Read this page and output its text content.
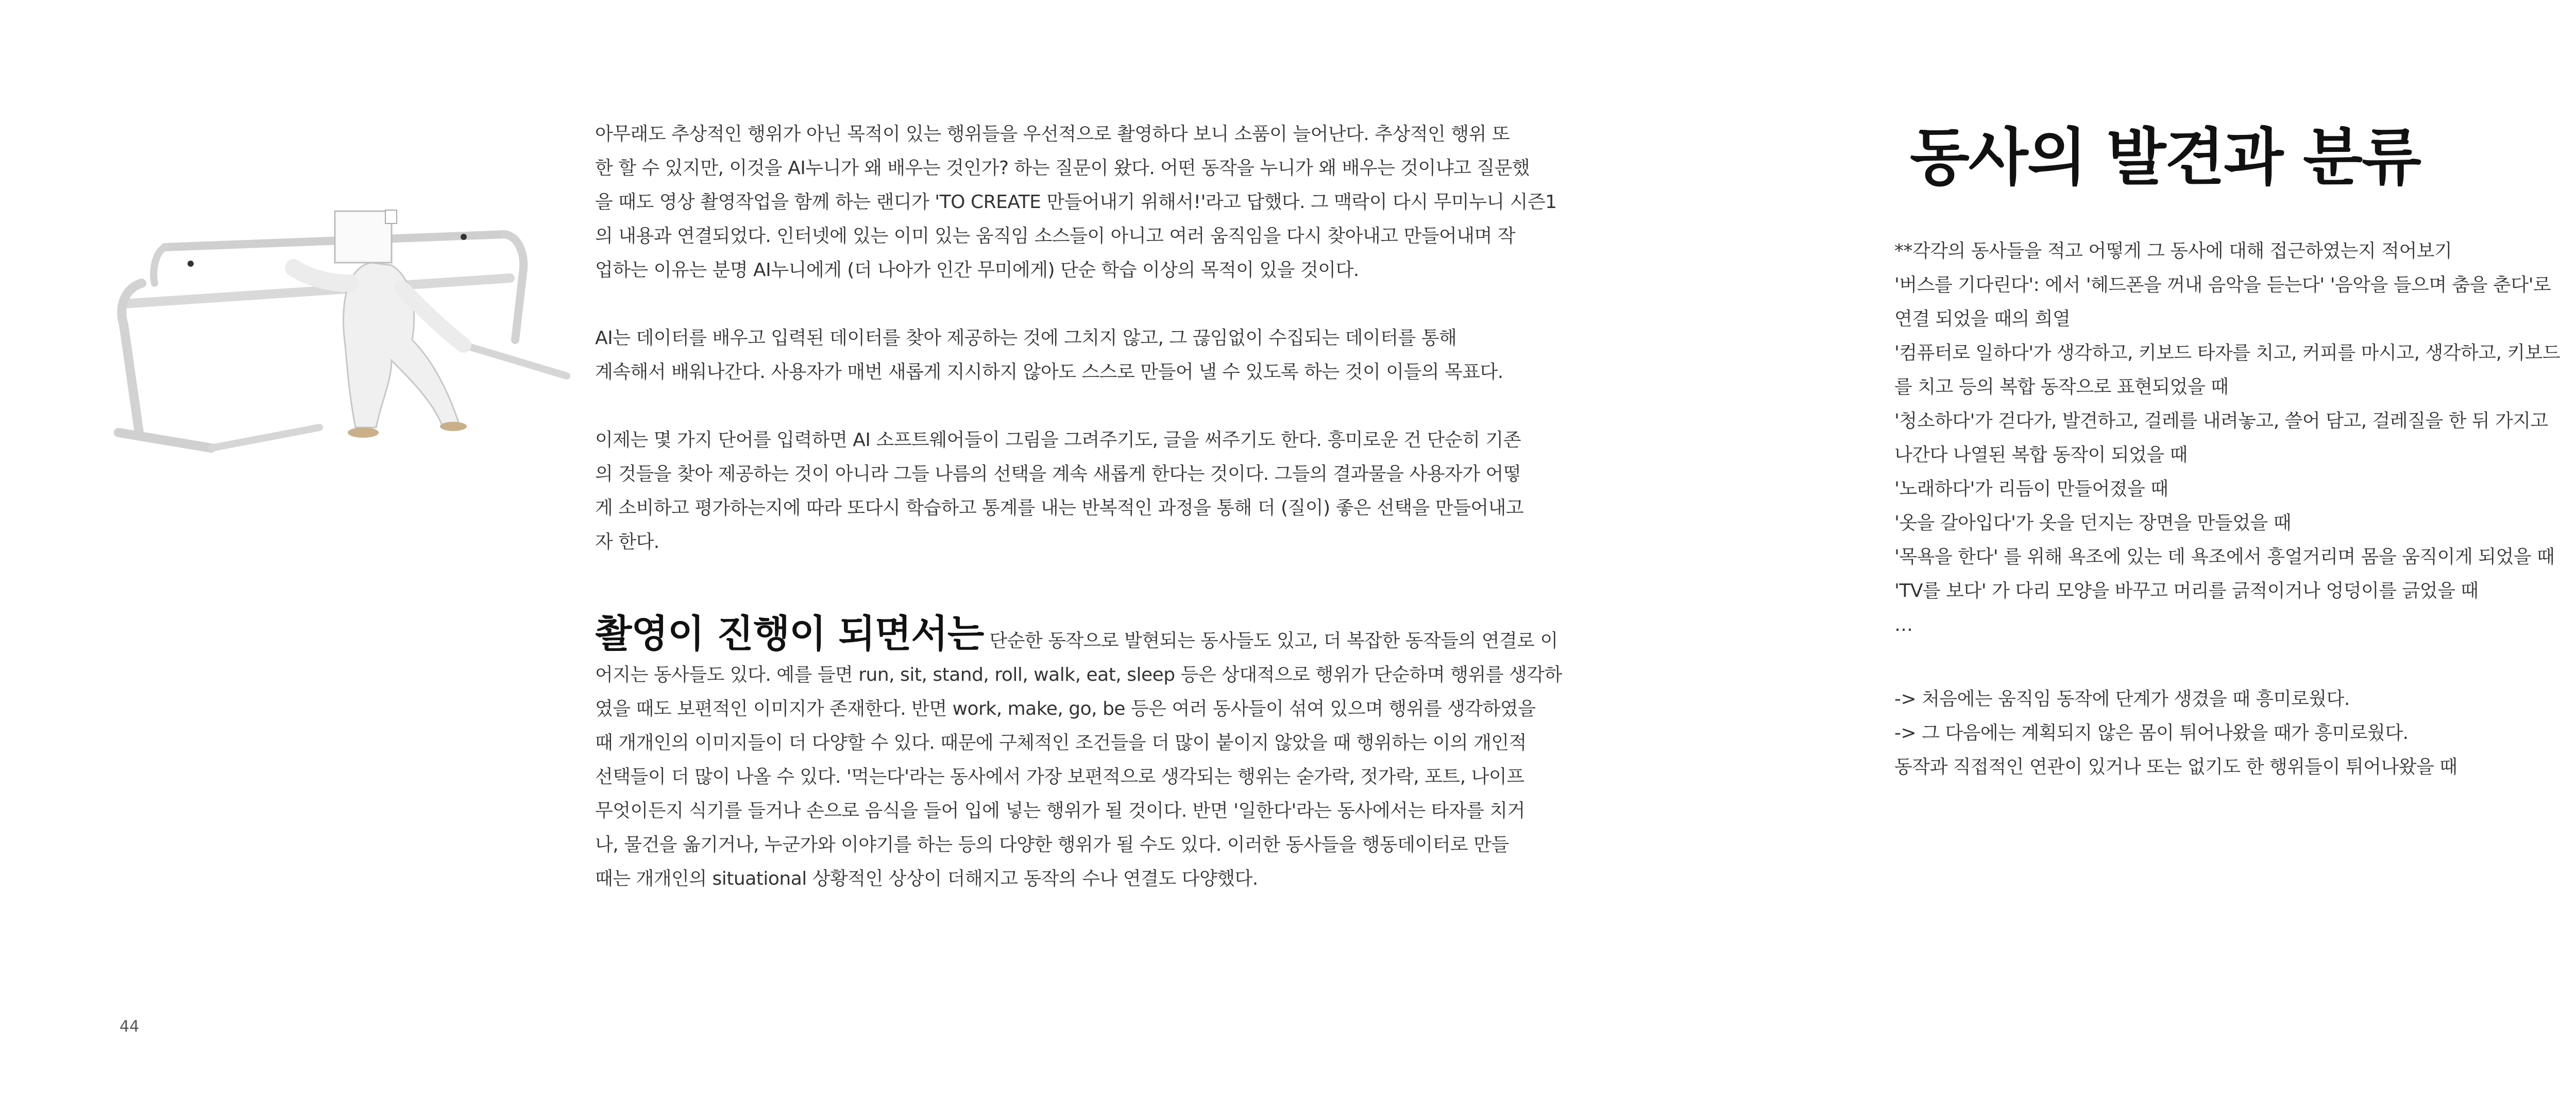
아무래도 추상적인 행위가 아닌 목적이 있는 행위들을 우선적으로 촬영하다 보니 소품이 늘어난다. 추상적인 행위 또
한 할 수 있지만, 이것을 AI누니가 왜 배우는 것인가? 하는 질문이 왔다. 어떤 동작을 누니가 왜 배우는 것이냐고 질문했
을 때도 영상 촬영작업을 함께 하는 랜디가 'TO CREATE 만들어내기 위해서!'라고 답했다. 그 맥락이 다시 무미누니 시즌1
의 내용과 연결되었다. 인터넷에 있는 이미 있는 움직임 소스들이 아니고 여러 움직임을 다시 찾아내고 만들어내며 작
업하는 이유는 분명 AI누니에게 (더 나아가 인간 무미에게) 단순 학습 이상의 목적이 있을 것이다.

AI는 데이터를 배우고 입력된 데이터를 찾아 제공하는 것에 그치지 않고, 그 끊임없이 수집되는 데이터를 통해
계속해서 배워나간다. 사용자가 매번 새롭게 지시하지 않아도 스스로 만들어 낼 수 있도록 하는 것이 이들의 목표다.

이제는 몇 가지 단어를 입력하면 AI 소프트웨어들이 그림을 그려주기도, 글을 써주기도 한다. 흥미로운 건 단순히 기존
의 것들을 찾아 제공하는 것이 아니라 그들 나름의 선택을 계속 새롭게 한다는 것이다. 그들의 결과물을 사용자가 어떻
게 소비하고 평가하는지에 따라 또다시 학습하고 통계를 내는 반복적인 과정을 통해 더 (질이) 좋은 선택을 만들어내고
자 한다.

촬영이 진행이 되면서는 단순한 동작으로 발현되는 동사들도 있고, 더 복잡한 동작들의 연결로 이

어지는 동사들도 있다. 예를 들면 run, sit, stand, roll, walk, eat, sleep 등은 상대적으로 행위가 단순하며 행위를 생각하
였을 때도 보편적인 이미지가 존재한다. 반면 work, make, go, be 등은 여러 동사들이 섞여 있으며 행위를 생각하였을
때 개개인의 이미지들이 더 다양할 수 있다. 때문에 구체적인 조건들을 더 많이 붙이지 않았을 때 행위하는 이의 개인적
선택들이 더 많이 나올 수 있다. '먹는다'라는 동사에서 가장 보편적으로 생각되는 행위는 숟가락, 젓가락, 포트, 나이프
무엇이든지 식기를 들거나 손으로 음식을 들어 입에 넣는 행위가 될 것이다. 반면 '일한다'라는 동사에서는 타자를 치거
나, 물건을 옮기거나, 누군가와 이야기를 하는 등의 다양한 행위가 될 수도 있다. 이러한 동사들을 행동데이터로 만들
때는 개개인의 situational 상황적인 상상이 더해지고 동작의 수나 연결도 다양했다.

44
동사의 발견과 분류

**각각의 동사들을 적고 어떻게 그 동사에 대해 접근하였는지 적어보기
'버스를 기다린다': 에서 '헤드폰을 꺼내 음악을 듣는다' '음악을 들으며 춤을 춘다'로
연결 되었을 때의 희열
'컴퓨터로 일하다'가 생각하고, 키보드 타자를 치고, 커피를 마시고, 생각하고, 키보드
를 치고 등의 복합 동작으로 표현되었을 때
'청소하다'가 걷다가, 발견하고, 걸레를 내려놓고, 쓸어 담고, 걸레질을 한 뒤 가지고
나간다 나열된 복합 동작이 되었을 때
'노래하다'가 리듬이 만들어졌을 때
'옷을 갈아입다'가 옷을 던지는 장면을 만들었을 때
'목욕을 한다' 를 위해 욕조에 있는 데 욕조에서 흥얼거리며 몸을 움직이게 되었을 때
'TV를 보다' 가 다리 모양을 바꾸고 머리를 긁적이거나 엉덩이를 긁었을 때
…

-> 처음에는 움직임 동작에 단계가 생겼을 때 흥미로웠다.
-> 그 다음에는 계획되지 않은 몸이 튀어나왔을 때가 흥미로웠다.
동작과 직접적인 연관이 있거나 또는 없기도 한 행위들이 튀어나왔을 때
